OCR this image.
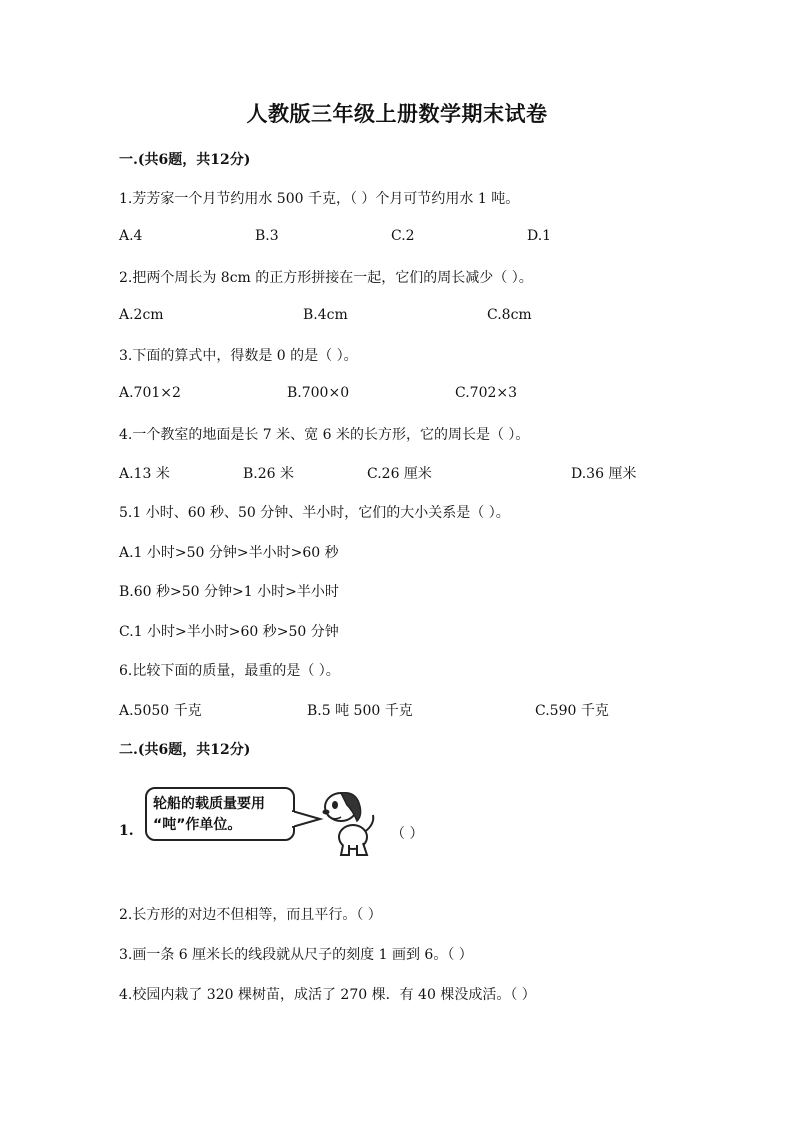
人教版三年级上册数学期末试卷
一.(共6题，共12分)
1.芳芳家一个月节约用水 500 千克，（ ）个月可节约用水 1 吨。
A.4	B.3	C.2	D.1
2.把两个周长为 8cm 的正方形拼接在一起，它们的周长减少（ ）。
A.2cm	B.4cm	C.8cm
3.下面的算式中，得数是 0 的是（ ）。
A.701×2	B.700×0	C.702×3
4.一个教室的地面是长 7 米、宽 6 米的长方形，它的周长是（ ）。
A.13 米	B.26 米	C.26 厘米	D.36 厘米
5.1 小时、60 秒、50 分钟、半小时，它们的大小关系是（ ）。
A.1 小时>50 分钟>半小时>60 秒
B.60 秒>50 分钟>1 小时>半小时
C.1 小时>半小时>60 秒>50 分钟
6.比较下面的质量，最重的是（ ）。
A.5050 千克	B.5 吨 500 千克	C.590 千克
二.(共6题，共12分)
1.
轮船的载质量要用
“吨”作单位。
（ ）
2.长方形的对边不但相等，而且平行。（ ）
3.画一条 6 厘米长的线段就从尺子的刻度 1 画到 6。（ ）
4.校园内栽了 320 棵树苗，成活了 270 棵．有 40 棵没成活。（ ）
